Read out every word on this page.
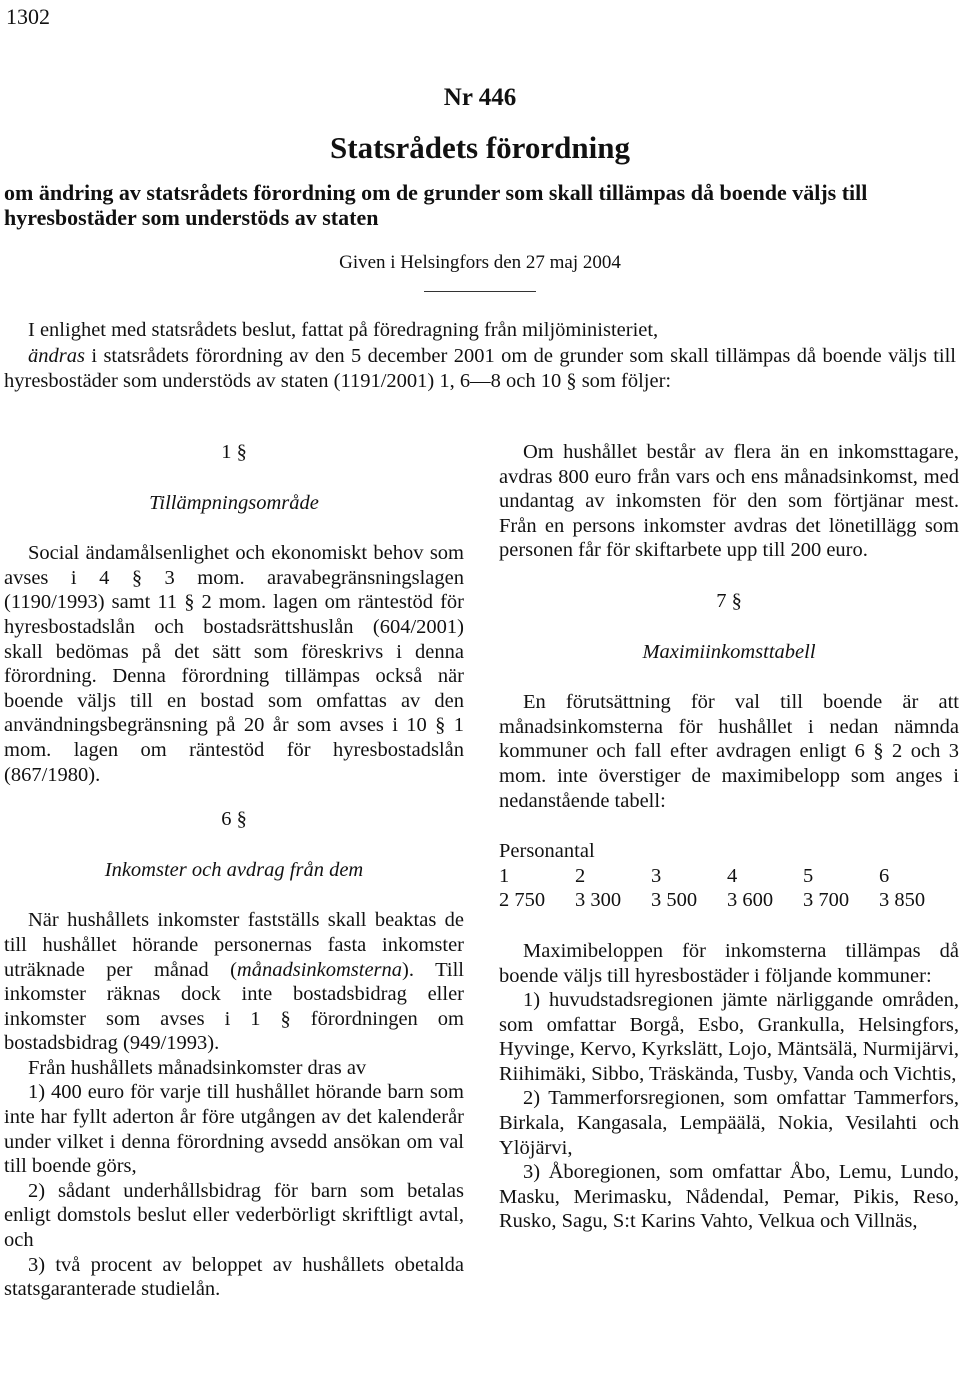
1302
Nr 446
Statsrådets förordning
om ändring av statsrådets förordning om de grunder som skall tillämpas då boende väljs till hyresbostäder som understöds av staten
Given i Helsingfors den 27 maj 2004

I enlighet med statsrådets beslut, fattat på föredragning från miljöministeriet,

ändras i statsrådets förordning av den 5 december 2001 om de grunder som skall tillämpas då boende väljs till hyresbostäder som understöds av staten (1191/2001) 1, 6—8 och 10 § som följer:

1 §

Tillämpningsområde

Social ändamålsenlighet och ekonomiskt behov som avses i 4 § 3 mom. aravabegränsningslagen (1190/1993) samt 11 § 2 mom. lagen om räntestöd för hyresbostadslån och bostadsrättshuslån (604/2001) skall bedömas på det sätt som föreskrivs i denna förordning. Denna förordning tillämpas också när boende väljs till en bostad som omfattas av den användningsbegränsning på 20 år som avses i 10 § 1 mom. lagen om räntestöd för hyresbostadslån (867/1980).

6 §

Inkomster och avdrag från dem

När hushållets inkomster fastställs skall beaktas de till hushållet hörande personernas fasta inkomster uträknade per månad (månadsinkomsterna). Till inkomster räknas dock inte bostadsbidrag eller inkomster som avses i 1 § förordningen om bostadsbidrag (949/1993).

Från hushållets månadsinkomster dras av

1) 400 euro för varje till hushållet hörande barn som inte har fyllt aderton år före utgången av det kalenderår under vilket i denna förordning avsedd ansökan om val till boende görs,

2) sådant underhållsbidrag för barn som betalas enligt domstols beslut eller vederbörligt skriftligt avtal, och

3) två procent av beloppet av hushållets obetalda statsgaranterade studielån.

Om hushållet består av flera än en inkomsttagare, avdras 800 euro från vars och ens månadsinkomst, med undantag av inkomsten för den som förtjänar mest. Från en persons inkomster avdras det lönetillägg som personen får för skiftarbete upp till 200 euro.

7 §

Maximiinkomsttabell

En förutsättning för val till boende är att månadsinkomsterna för hushållet i nedan nämnda kommuner och fall efter avdragen enligt 6 § 2 och 3 mom. inte överstiger de maximibelopp som anges i nedanstående tabell:

Personantal

1	2	3	4	5	6
2 750	3 300	3 500	3 600	3 700	3 850

Maximibeloppen för inkomsterna tillämpas då boende väljs till hyresbostäder i följande kommuner:

1) huvudstadsregionen jämte närliggande områden, som omfattar Borgå, Esbo, Grankulla, Helsingfors, Hyvinge, Kervo, Kyrkslätt, Lojo, Mäntsälä, Nurmijärvi, Riihimäki, Sibbo, Träskända, Tusby, Vanda och Vichtis,

2) Tammerforsregionen, som omfattar Tammerfors, Birkala, Kangasala, Lempäälä, Nokia, Vesilahti och Ylöjärvi,

3) Åboregionen, som omfattar Åbo, Lemu, Lundo, Masku, Merimasku, Nådendal, Pemar, Pikis, Reso, Rusko, Sagu, S:t Karins Vahto, Velkua och Villnäs,
